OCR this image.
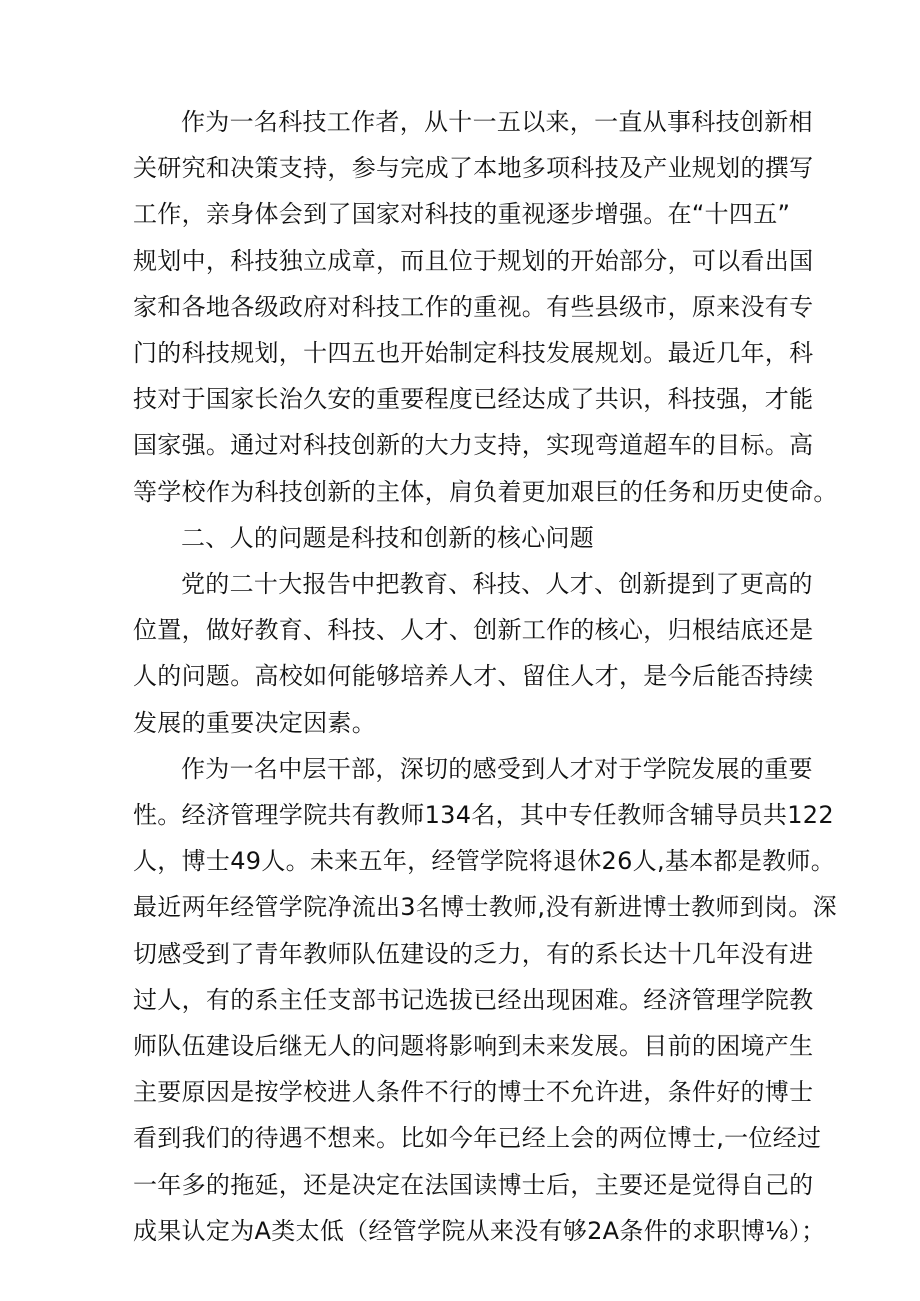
作为一名科技工作者，从十一五以来，一直从事科技创新相
关研究和决策支持，参与完成了本地多项科技及产业规划的撰写
工作，亲身体会到了国家对科技的重视逐步增强。在“十四五”
规划中，科技独立成章，而且位于规划的开始部分，可以看出国
家和各地各级政府对科技工作的重视。有些县级市，原来没有专
门的科技规划，十四五也开始制定科技发展规划。最近几年，科
技对于国家长治久安的重要程度已经达成了共识，科技强，才能
国家强。通过对科技创新的大力支持，实现弯道超车的目标。高
等学校作为科技创新的主体，肩负着更加艰巨的任务和历史使命。
二、人的问题是科技和创新的核心问题
党的二十大报告中把教育、科技、人才、创新提到了更高的
位置，做好教育、科技、人才、创新工作的核心，归根结底还是
人的问题。高校如何能够培养人才、留住人才，是今后能否持续
发展的重要决定因素。
作为一名中层干部，深切的感受到人才对于学院发展的重要
性。经济管理学院共有教师134名，其中专任教师含辅导员共122
人，博士49人。未来五年，经管学院将退休26人,基本都是教师。
最近两年经管学院净流出3名博士教师,没有新进博士教师到岗。深
切感受到了青年教师队伍建设的乏力，有的系长达十几年没有进
过人，有的系主任支部书记选拔已经出现困难。经济管理学院教
师队伍建设后继无人的问题将影响到未来发展。目前的困境产生
主要原因是按学校进人条件不行的博士不允许进，条件好的博士
看到我们的待遇不想来。比如今年已经上会的两位博士,一位经过
一年多的拖延，还是决定在法国读博士后，主要还是觉得自己的
成果认定为A类太低（经管学院从来没有够2A条件的求职博⅛）；
